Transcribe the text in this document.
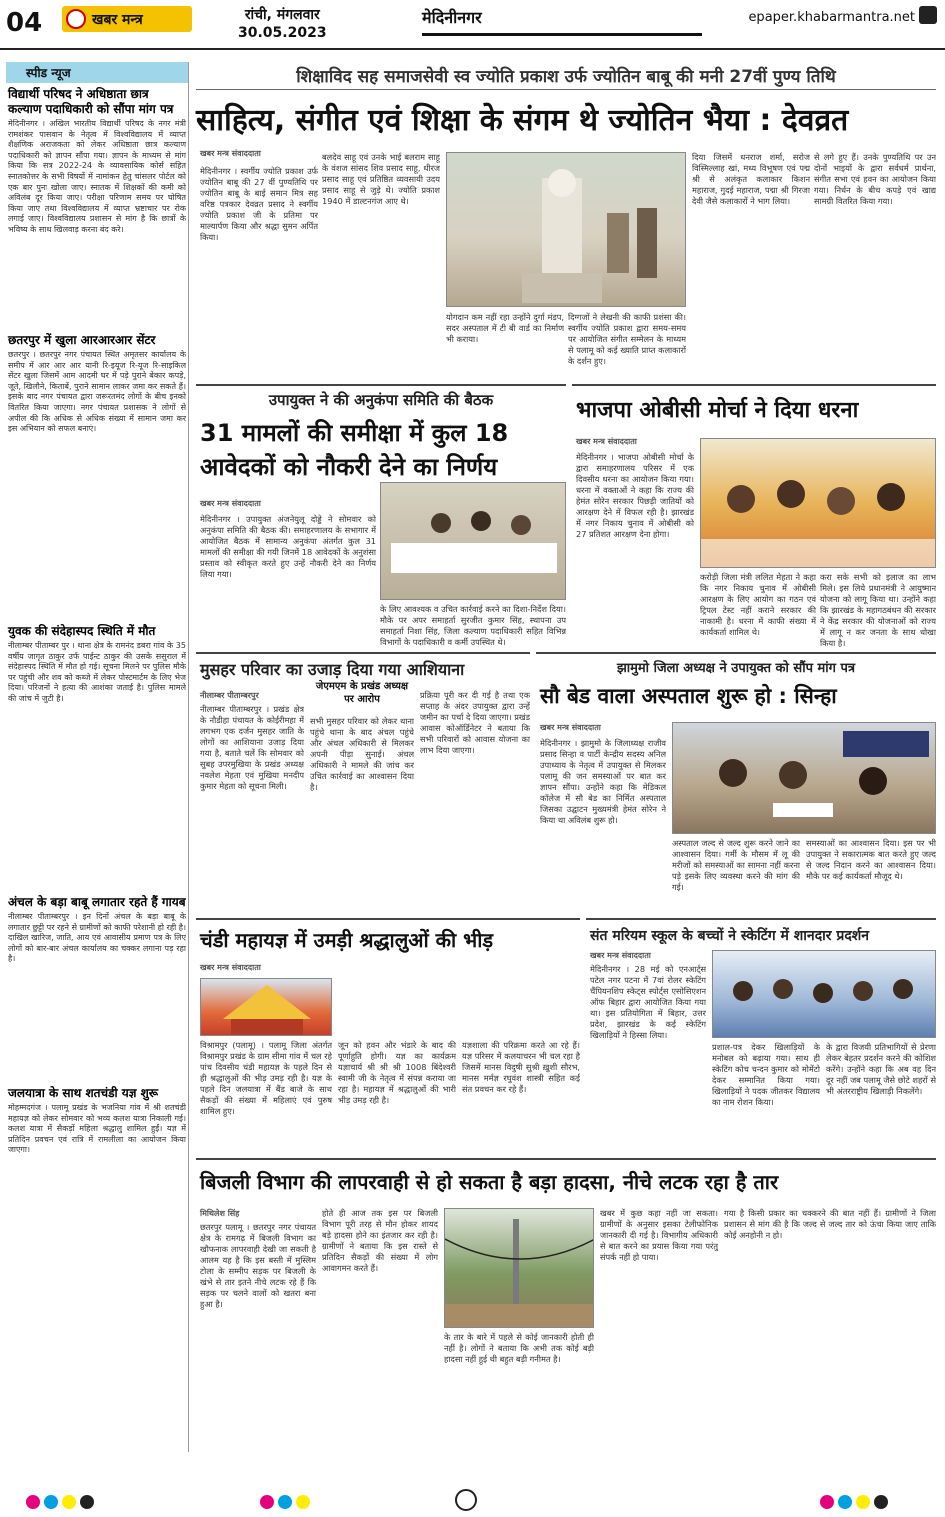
04	खबर मन्त्र	रांची, मंगलवार
30.05.2023
मेदिनीनगर	epaper.khabarmantra.net
स्पीड न्यूज
विद्यार्थी परिषद ने अधिष्ठाता छात्र कल्याण पदाधिकारी को सौंपा मांग पत्र
मेदिनीनगर । अखिल भारतीय विद्यार्थी परिषद के नगर मंत्री रामशंकर पासवान के नेतृत्व में विश्वविद्यालय में व्याप्त शैक्षणिक अराजकता को लेकर अधिष्ठाता छात्र कल्याण पदाधिकारी को ज्ञापन सौंपा गया। ज्ञापन के माध्यम से मांग किया कि सत्र 2022-24 के व्यावसायिक कोर्स सहित स्नातकोत्तर के सभी विषयों में नामांकन हेतु चांसलर पोर्टल को एक बार पुनः खोला जाए। स्नातक में शिक्षकों की कमी को अविलंब दूर किया जाए। परीक्षा परिणाम समय पर घोषित किया जाए तथा विश्वविद्यालय में व्याप्त भ्रष्टाचार पर रोक लगाई जाए। विश्वविद्यालय प्रशासन से मांग है कि छात्रों के भविष्य के साथ खिलवाड़ करना बंद करे।
छतरपुर में खुला आरआरआर सेंटर
छतरपुर । छतरपुर नगर पंचायत स्थित अमृतसर कार्यालय के समीप में आर आर आर यानी रि-इयूज रि-यूज रि-साइकिल सेंटर खुला जिसमें आम आदमी घर में पड़े पुराने बेकार कपड़े, जूते, खिलौने, किताबें, पुराने सामान लाकर जमा कर सकते हैं। इसके बाद नगर पंचायत द्वारा जरूरतमंद लोगों के बीच इनको वितरित किया जाएगा। नगर पंचायत प्रशासक ने लोगों से अपील की कि अधिक से अधिक संख्या में सामान जमा कर इस अभियान को सफल बनाएं।
युवक की संदेहास्पद स्थिति में मौत
नीलाम्बर पीताम्बर पुर । थाना क्षेत्र के रामनंद डबरा गांव के 35 वर्षीय जागृत ठाकुर उर्फ पाईन्ट ठाकुर की उसके ससुराल में संदेहास्पद स्थिति में मौत हो गई। सूचना मिलने पर पुलिस मौके पर पहुंची और शव को कब्जे में लेकर पोस्टमार्टम के लिए भेज दिया। परिजनों ने हत्या की आशंका जताई है। पुलिस मामले की जांच में जुटी है।
अंचल के बड़ा बाबू लगातार रहते हैं गायब
नीलाम्बर पीताम्बरपुर । इन दिनों अंचल के बड़ा बाबू के लगातार छुट्टी पर रहने से ग्रामीणों को काफी परेशानी हो रही है। दाखिल खारिज, जाति, आय एवं आवासीय प्रमाण पत्र के लिए लोगों को बार-बार अंचल कार्यालय का चक्कर लगाना पड़ रहा है।
जलयात्रा के साथ शतचंडी यज्ञ शुरू
मोहम्मदगंज । पलामू प्रखंड के भजनिया गांव में श्री शतचंडी महायज्ञ को लेकर सोमवार को भव्य कलश यात्रा निकाली गई। कलश यात्रा में सैकड़ों महिला श्रद्धालु शामिल हुईं। यज्ञ में प्रतिदिन प्रवचन एवं रात्रि में रामलीला का आयोजन किया जाएगा।
शिक्षाविद सह समाजसेवी स्व ज्योति प्रकाश उर्फ ज्योतिन बाबू की मनी 27वीं पुण्य तिथि
साहित्य, संगीत एवं शिक्षा के संगम थे ज्योतिन भैया : देवव्रत
खबर मन्त्र संवाददाता
मेदिनीनगर । स्वर्गीय ज्योति प्रकाश उर्फ ज्योतिन बाबू की 27 वीं पुण्यतिथि पर ज्योतिन बाबू के बाई समान मित्र सह वरिष्ठ पत्रकार देवव्रत प्रसाद ने स्वर्गीय ज्योति प्रकाश जी के प्रतिमा पर माल्यार्पण किया और श्रद्धा सुमन अर्पित किया।
बलदेव साहू एवं उनके भाई बलराम साहू के वंशज सांसद शिव प्रसाद साहू, धीरज प्रसाद साहू एवं प्रतिष्ठित व्यवसायी उदय प्रसाद साहू से जुड़े थे। ज्योति प्रकाश 1940 में डाल्टनगंज आए थे।
योगदान कम नहीं रहा उन्होंने दुर्गा मंडप, सदर अस्पताल में टी बी वार्ड का निर्माण भी कराया।
दिग्गजों ने लेखनी की काफी प्रशंसा की। स्वर्गीय ज्योति प्रकाश द्वारा समय-समय पर आयोजित संगीत सम्मेलन के माध्यम से पलामू को कई ख्याति प्राप्त कलाकारों के दर्शन हुए।
दिया जिसमें धनराज शर्मा, सरोज विस्मिल्लाह खां, मध्य विभूषण एवं पद्म श्री से अलंकृत कलाकार किशन महाराज, गुदई महाराज, पद्मा श्री गिरजा देवी जैसे कलाकारों ने भाग लिया।
से लगे हुए हैं। उनके पुण्यतिथि पर उन दोनों भाइयों के द्वारा सर्वधर्म प्रार्थना, संगीत सभा एवं हवन का आयोजन किया गया। निर्धन के बीच कपड़े एवं खाद्य सामग्री वितरित किया गया।
उपायुक्त ने की अनुकंपा समिति की बैठक
31 मामलों की समीक्षा में कुल 18 आवेदकों को नौकरी देने का निर्णय
खबर मन्त्र संवाददाता
मेदिनीनगर । उपायुक्त अंजनेयुलू दोड्डे ने सोमवार को अनुकंपा समिति की बैठक की। समाहरणालय के सभागार में आयोजित बैठक में सामान्य अनुकंपा अंतर्गत कुल 31 मामलों की समीक्षा की गयी जिनमें 18 आवेदकों के अनुशंसा प्रस्ताव को स्वीकृत करते हुए उन्हें नौकरी देने का निर्णय लिया गया।
के लिए आवश्यक व उचित कार्रवाई करने का दिशा-निर्देश दिया। मौके पर अपर समाहर्ता सुरजीत कुमार सिंह, स्थापना उप समाहर्ता निशा सिंह, जिला कल्याण पदाधिकारी सहित विभिन्न विभागों के पदाधिकारी व कर्मी उपस्थित थे।
भाजपा ओबीसी मोर्चा ने दिया धरना
खबर मन्त्र संवाददाता
मेदिनीनगर । भाजपा ओबीसी मोर्चा के द्वारा समाहरणालय परिसर में एक दिवसीय धरना का आयोजन किया गया। धरना में वक्ताओं ने कहा कि राज्य की हेमंत सोरेन सरकार पिछड़ी जातियों को आरक्षण देने में विफल रही है। झारखंड में नगर निकाय चुनाव में ओबीसी को 27 प्रतिशत आरक्षण देना होगा।
करोड़ी जिला मंत्री ललित मेहता ने कहा कि नगर निकाय चुनाव में ओबीसी आरक्षण के लिए आयोग का गठन एवं ट्रिपल टेस्ट नहीं कराने सरकार की नाकामी है। धरना में काफी संख्या में कार्यकर्ता शामिल थे।
करा सके सभी को इलाज का लाभ मिले। इस लिये प्रधानमंत्री ने आयुष्मान योजना को लागू किया था। उन्होंने कहा कि झारखंड के महागठबंधन की सरकार ने केंद्र सरकार की योजनाओं को राज्य में लागू न कर जनता के साथ धोखा किया है।
मुसहर परिवार का उजाड़ दिया गया आशियाना
नीलाम्बर पीताम्बरपुर
नीलाम्बर पीताम्बरपुर । प्रखंड क्षेत्र के नौडीहा पंचायत के कोईरीमहा में लगभग एक दर्जन मुसहर जाति के लोगों का आशियाना उजाड़ दिया गया है, बताते चलें कि सोमवार को सुबह उपरमुखिया के प्रखंड अध्यक्ष नवलेश मेहता एवं मुखिया मनदीप कुमार मेहता को सूचना मिली।
जेएमएम के प्रखंड अध्यक्ष पर आरोप
सभी मुसहर परिवार को लेकर थाना पहुंचे थाना के बाद अंचल पहुंचे और अंचल अधिकारी से मिलकर अपनी पीड़ा सुनाई। अंचल अधिकारी ने मामले की जांच कर उचित कार्रवाई का आश्वासन दिया है।
प्रक्रिया पूरी कर दी गई है तथा एक सप्ताह के अंदर उपायुक्त द्वारा उन्हें जमीन का पर्चा दे दिया जाएगा। प्रखंड आवास कोऑर्डिनेटर ने बताया कि सभी परिवारों को आवास योजना का लाभ दिया जाएगा।
झामुमो जिला अध्यक्ष ने उपायुक्त को सौंप मांग पत्र
सौ बेड वाला अस्पताल शुरू हो : सिन्हा
खबर मन्त्र संवाददाता
मेदिनीनगर । झामुमो के जिलाध्यक्ष राजीव प्रसाद सिन्हा व पार्टी केन्द्रीय सदस्य अनिल उपाध्याय के नेतृत्व में उपायुक्त से मिलकर पलामू की जन समस्याओं पर बात कर ज्ञापन सौंपा। उन्होंने कहा कि मेडिकल कॉलेज में सौ बेड का निर्मित अस्पताल जिसका उद्घाटन मुख्यमंत्री हेमंत सोरेन ने किया था अविलंब शुरू हो।
अस्पताल जल्द से जल्द शुरू करने जाने का आश्वासन दिया। गर्मी के मौसम में लू की मरीजों को समस्याओं का सामना नहीं करना पड़े इसके लिए व्यवस्था करने की मांग की गई।
समस्याओं का आश्वासन दिया। इस पर भी उपायुक्त ने सकारात्मक बात करते हुए जल्द से जल्द निदान करने का आश्वासन दिया। मौके पर कई कार्यकर्ता मौजूद थे।
चंडी महायज्ञ में उमड़ी श्रद्धालुओं की भीड़
खबर मन्त्र संवाददाता
विश्रामपुर (पलामू) । पलामू जिला अंतर्गत विश्रामपुर प्रखंड के ग्राम सीमा गांव में चल रहे पांच दिवसीय चंडी महायज्ञ के पहले दिन से ही श्रद्धालुओं की भीड़ उमड़ रही है। यज्ञ के पहले दिन जलयात्रा में बैंड बाजे के साथ सैकड़ों की संख्या में महिलाएं एवं पुरुष शामिल हुए।
जून को हवन और भंडारे के बाद की पूर्णाहुति होगी। यज्ञ का कार्यक्रम यज्ञाचार्य श्री श्री श्री 1008 बिंदेश्वरी स्वामी जी के नेतृत्व में संपन्न कराया जा रहा है। महायज्ञ में श्रद्धालुओं की भारी भीड़ उमड़ रही है।
यज्ञशाला की परिक्रमा करते आ रहे हैं। यज्ञ परिसर में कलयाचरन भी चल रहा है जिसमें मानस विदुषी सुश्री ख़ुशी सौरभ, मानस मर्मज्ञ रघुवंश शास्त्री सहित कई संत प्रवचन कर रहे हैं।
संत मरियम स्कूल के बच्चों ने स्केटिंग में शानदार प्रदर्शन
खबर मन्त्र संवाददाता
मेदिनीनगर । 28 मई को एनआर्ट्स पटेल नगर पटना में 7वां रोलर स्केटिंग चैंपियनशिप स्केट्स स्पोर्ट्स एसोसिएशन ऑफ बिहार द्वारा आयोजित किया गया था। इस प्रतियोगिता में बिहार, उत्तर प्रदेश, झारखंड के कई स्केटिंग खिलाड़ियों ने हिस्सा लिया।
प्रशाल-पत्र देकर खिलाड़ियों के मनोबल को बढ़ाया गया। साथ ही स्केटिंग कोच चन्दन कुमार को मोमेंटो देकर सम्मानित किया गया। खिलाड़ियों ने पदक जीतकर विद्यालय का नाम रोशन किया।
के द्वारा विजयी प्रतिभागियों से प्रेरणा लेकर बेहतर प्रदर्शन करने की कोशिश करेंगे। उन्होंने कहा कि अब वह दिन दूर नहीं जब पलामू जैसे छोटे शहरों से भी अंतरराष्ट्रीय खिलाड़ी निकलेंगे।
बिजली विभाग की लापरवाही से हो सकता है बड़ा हादसा, नीचे लटक रहा है तार
मिथिलेश सिंह
छतरपुर पलामू । छतरपुर नगर पंचायत क्षेत्र के रामगढ़ में बिजली विभाग का खौफनाक लापरवाही देखी जा सकती है आलम यह है कि इस बस्ती में मुस्लिम टोला के सम्मीप सड़क पर बिजली के खंभे से तार इतने नीचे लटक रहे हैं कि सड़क पर चलने वालों को खतरा बना हुआ है।
होते ही आज तक इस पर बिजली विभाग पूरी तरह से मौन होकर शायद बड़े हादसा होने का इंतजार कर रही है। ग्रामीणों ने बताया कि इस रास्ते से प्रतिदिन सैकड़ों की संख्या में लोग आवागमन करते हैं।
के तार के बारे में पहले से कोई जानकारी होती ही नहीं है। लोगों ने बताया कि अभी तक कोई बड़ी हादसा नहीं हुई थी बहुत बड़ी गनीमत है।
खबर में कुछ कहा नहीं जा सकता। ग्रामीणों के अनुसार इसका टेलीफोनिक जानकारी दी गई है। विभागीय अधिकारी से बात करने का प्रयास किया गया परंतु संपर्क नहीं हो पाया।
गया है किसी प्रकार का चक्करने की बात नहीं हैं। ग्रामीणों ने जिला प्रशासन से मांग की है कि जल्द से जल्द तार को ऊंचा किया जाए ताकि कोई अनहोनी न हो।
